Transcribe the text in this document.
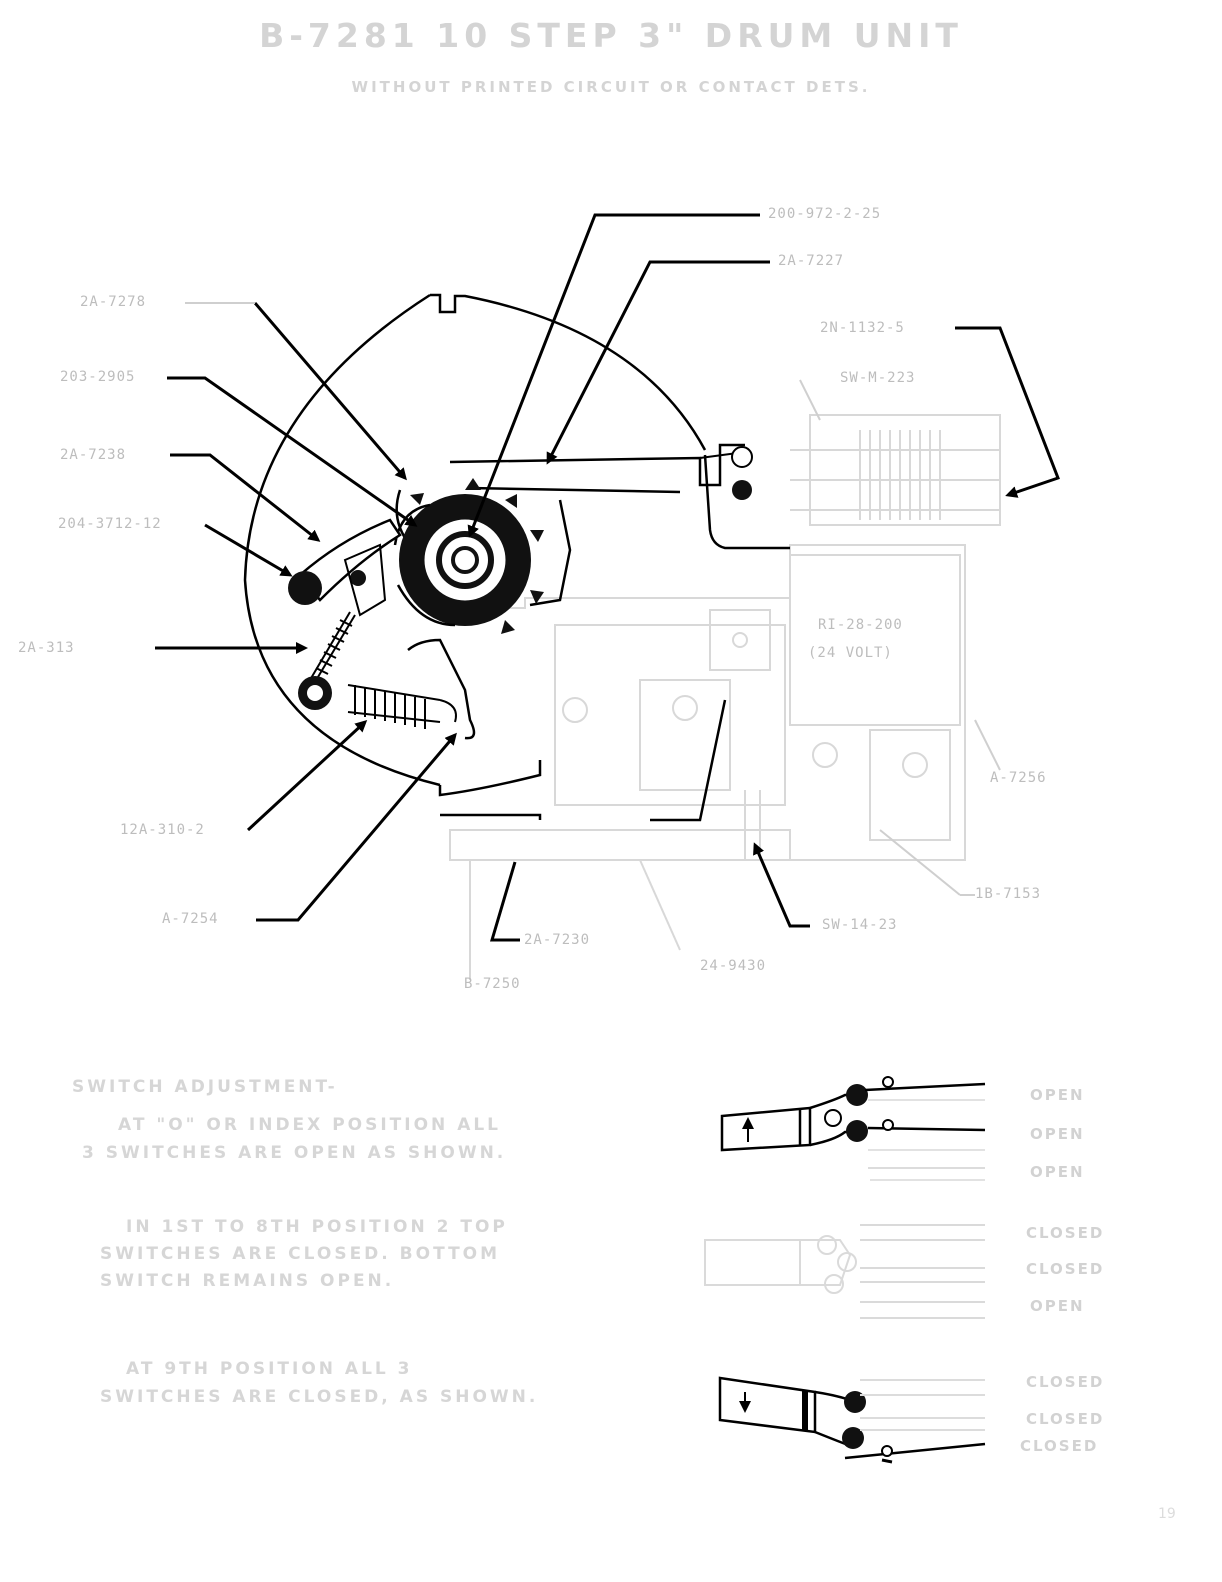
B-7281 10 STEP 3" DRUM UNIT
WITHOUT PRINTED CIRCUIT OR CONTACT DETS.
200-972-2-25
2A-7227
2A-7278
2N-1132-5
SW-M-223
203-2905
2A-7238
204-3712-12
2A-313
RI-28-200
(24 VOLT)
A-7256
12A-310-2
1B-7153
A-7254	SW-14-23
2A-7230
24-9430
B-7250
SWITCH ADJUSTMENT-
AT "O" OR INDEX POSITION ALL
3 SWITCHES ARE OPEN AS SHOWN.
IN 1ST TO 8TH POSITION 2 TOP
SWITCHES ARE CLOSED. BOTTOM
SWITCH REMAINS OPEN.
AT 9TH POSITION ALL 3
SWITCHES ARE CLOSED, AS SHOWN.
OPEN
OPEN
OPEN
CLOSED
CLOSED
OPEN
CLOSED
CLOSED
CLOSED
19
